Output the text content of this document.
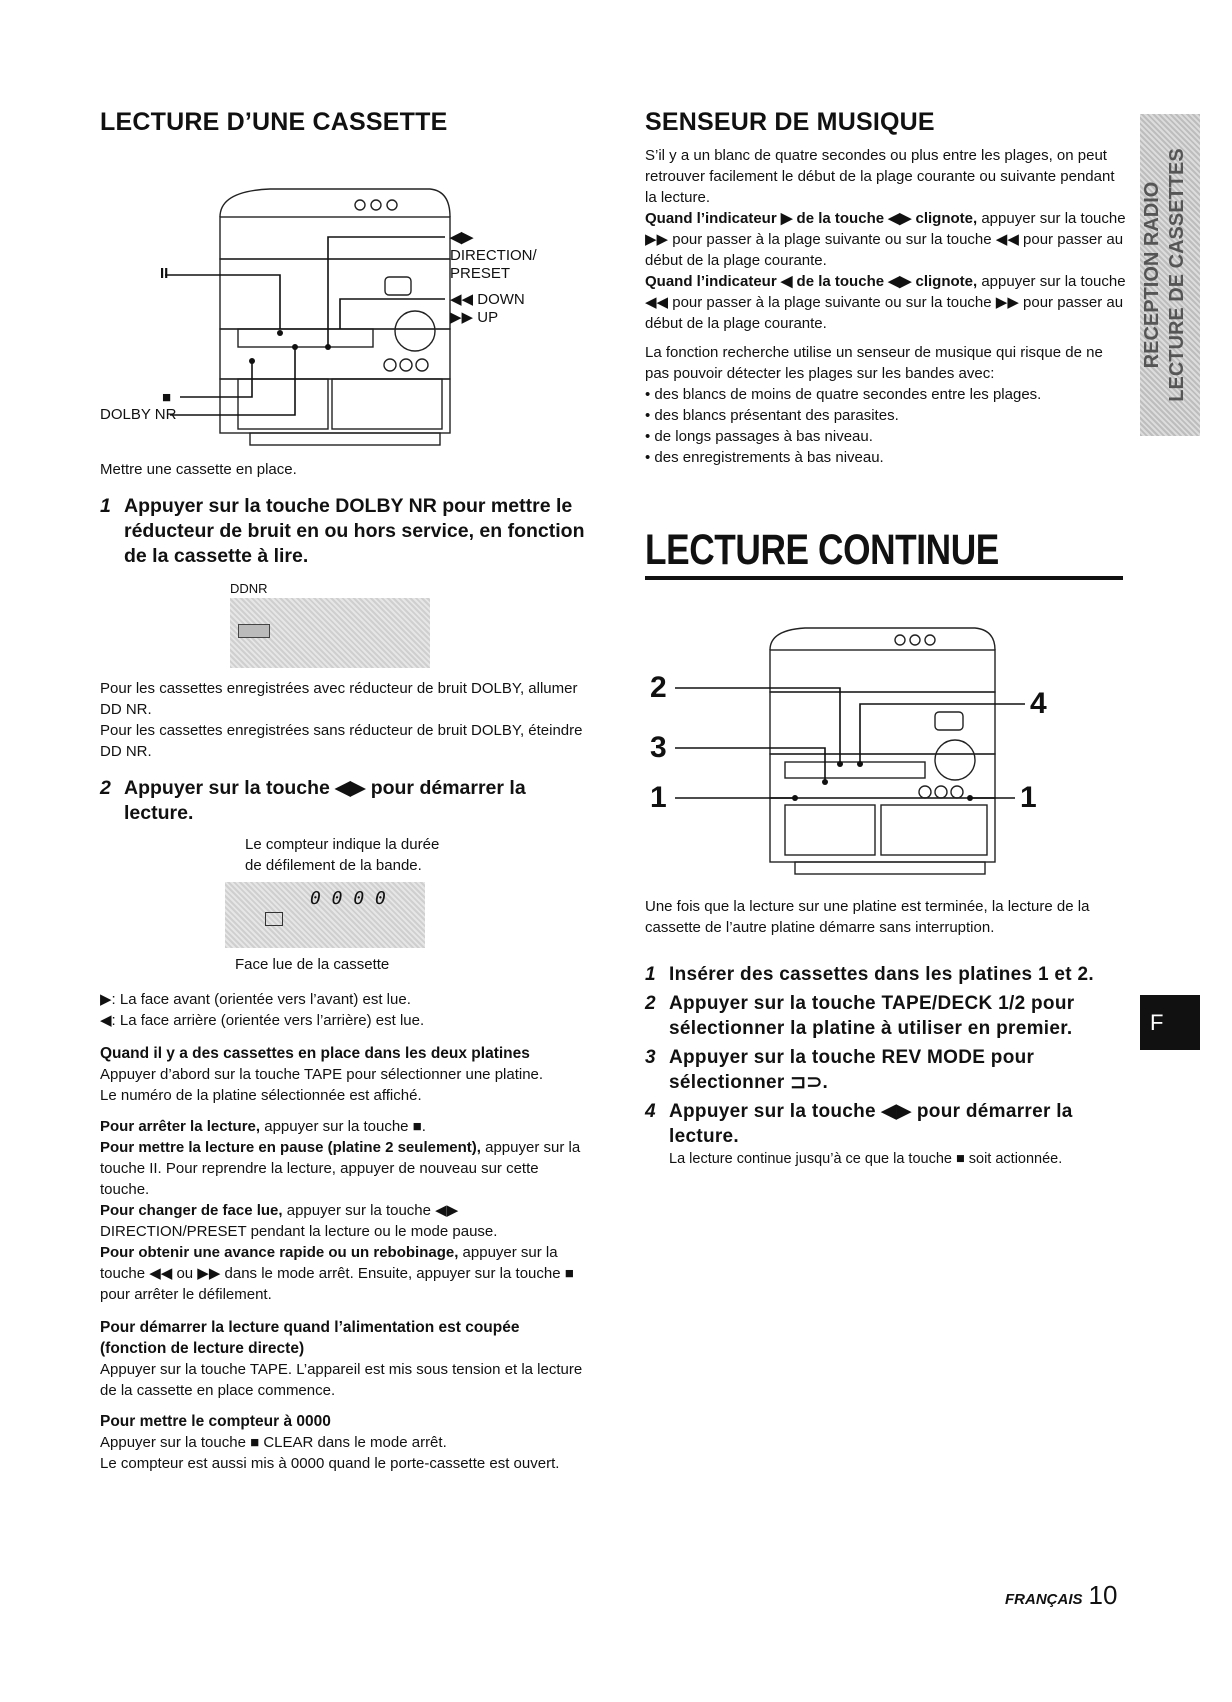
LECTURE D’UNE CASSETTE
◀▶
DIRECTION/
PRESET
◀◀ DOWN
▶▶ UP
II
DOLBY NR
■

Mettre une cassette en place.

1 Appuyer sur la touche DOLBY NR pour mettre le réducteur de bruit en ou hors service, en fonction de la cassette à lire.

DDNR

Pour les cassettes enregistrées avec réducteur de bruit DOLBY, allumer DD NR.

Pour les cassettes enregistrées sans réducteur de bruit DOLBY, éteindre DD NR.

2 Appuyer sur la touche ◀▶ pour démarrer la lecture.

Le compteur indique la durée
de défilement de la bande.
0 0 0 0
Face lue de la cassette

▶: La face avant (orientée vers l’avant) est lue.

◀: La face arrière (orientée vers l’arrière) est lue.

Quand il y a des cassettes en place dans les deux platines

Appuyer d’abord sur la touche TAPE pour sélectionner une platine.

Le numéro de la platine sélectionnée est affiché.

Pour arrêter la lecture, appuyer sur la touche ■.

Pour mettre la lecture en pause (platine 2 seulement), appuyer sur la touche II. Pour reprendre la lecture, appuyer de nouveau sur cette touche.

Pour changer de face lue, appuyer sur la touche ◀▶ DIRECTION/PRESET pendant la lecture ou le mode pause.

Pour obtenir une avance rapide ou un rebobinage, appuyer sur la touche ◀◀ ou ▶▶ dans le mode arrêt. Ensuite, appuyer sur la touche ■ pour arrêter le défilement.

Pour démarrer la lecture quand l’alimentation est coupée (fonction de lecture directe)

Appuyer sur la touche TAPE. L’appareil est mis sous tension et la lecture de la cassette en place commence.

Pour mettre le compteur à 0000

Appuyer sur la touche ■ CLEAR dans le mode arrêt.

Le compteur est aussi mis à 0000 quand le porte-cassette est ouvert.

SENSEUR DE MUSIQUE

S’il y a un blanc de quatre secondes ou plus entre les plages, on peut retrouver facilement le début de la plage courante ou suivante pendant la lecture.

Quand l’indicateur ▶ de la touche ◀▶ clignote, appuyer sur la touche ▶▶ pour passer à la plage suivante ou sur la touche ◀◀ pour passer au début de la plage courante.

Quand l’indicateur ◀ de la touche ◀▶ clignote, appuyer sur la touche ◀◀ pour passer à la plage suivante ou sur la touche ▶▶ pour passer au début de la plage courante.

La fonction recherche utilise un senseur de musique qui risque de ne pas pouvoir détecter les plages sur les bandes avec:

• des blancs de moins de quatre secondes entre les plages.

• des blancs présentant des parasites.

• de longs passages à bas niveau.

• des enregistrements à bas niveau.

LECTURE CONTINUE

2
3
1
4
1

Une fois que la lecture sur une platine est terminée, la lecture de la cassette de l’autre platine démarre sans interruption.

1 Insérer des cassettes dans les platines 1 et 2.

2 Appuyer sur la touche TAPE/DECK 1/2 pour sélectionner la platine à utiliser en premier.

3 Appuyer sur la touche REV MODE pour sélectionner ⊐⊃.

4 Appuyer sur la touche ◀▶ pour démarrer la lecture.

La lecture continue jusqu’à ce que la touche ■ soit actionnée.

RECEPTION RADIO LECTURE DE CASSETTES
F
FRANÇAIS 10
